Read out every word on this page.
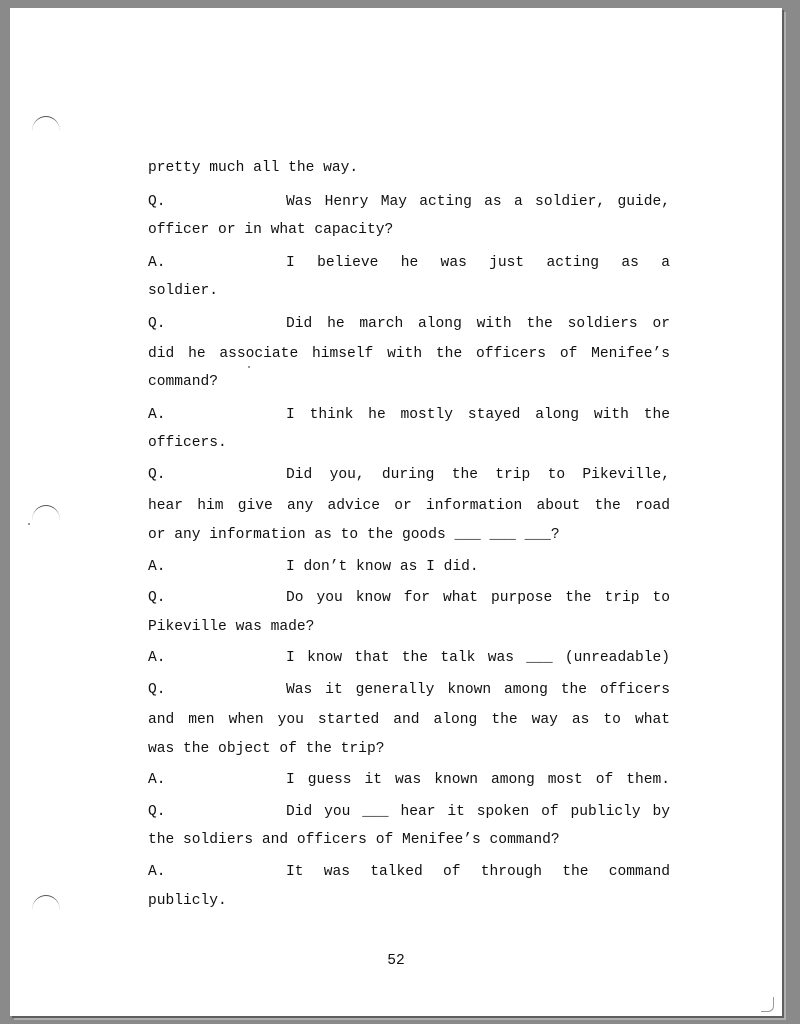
pretty much all the way.
Q.	Was Henry May acting as a soldier, guide,
officer or in what capacity?
A.	I believe he was just acting as a
soldier.
Q.	Did he march along with the soldiers or
did he associate himself with the officers of Menifee’s
command?
A.	I think he mostly stayed along with the
officers.
Q.	Did you, during the trip to Pikeville,
hear him give any advice or information about the road
or any information as to the goods ___ ___ ___?
A.	I don’t know as I did.
Q.	Do you know for what purpose the trip to
Pikeville was made?
A.	I know that the talk was ___ (unreadable)
Q.	Was it generally known among the officers
and men when you started and along the way as to what
was the object of the trip?
A.	I guess it was known among most of them.
Q.	Did you ___ hear it spoken of publicly by
the soldiers and officers of Menifee’s command?
A.	It was talked of through the command
publicly.
52
